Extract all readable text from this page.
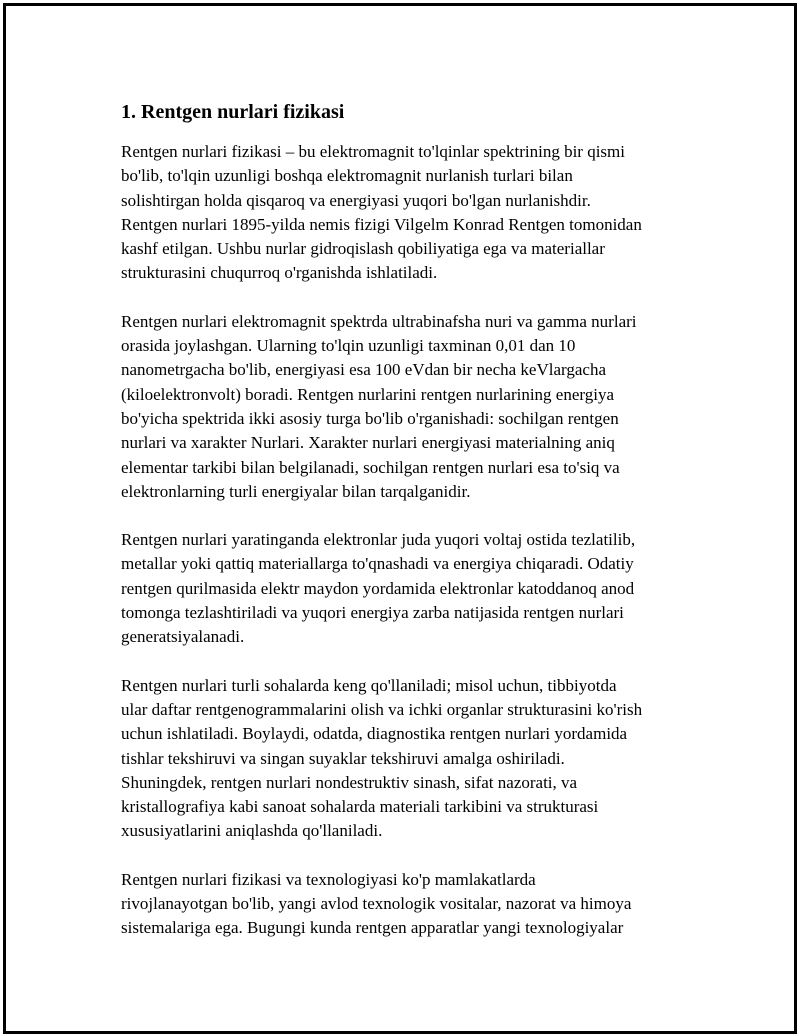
1. Rentgen nurlari fizikasi

Rentgen nurlari fizikasi – bu elektromagnit to'lqinlar spektrining bir qismi
bo'lib, to'lqin uzunligi boshqa elektromagnit nurlanish turlari bilan
solishtirgan holda qisqaroq va energiyasi yuqori bo'lgan nurlanishdir.
Rentgen nurlari 1895-yilda nemis fizigi Vilgelm Konrad Rentgen tomonidan
kashf etilgan. Ushbu nurlar gidroqislash qobiliyatiga ega va materiallar
strukturasini chuqurroq o'rganishda ishlatiladi.

Rentgen nurlari elektromagnit spektrda ultrabinafsha nuri va gamma nurlari
orasida joylashgan. Ularning to'lqin uzunligi taxminan 0,01 dan 10
nanometrgacha bo'lib, energiyasi esa 100 eVdan bir necha keVlargacha
(kiloelektronvolt) boradi. Rentgen nurlarini rentgen nurlarining energiya
bo'yicha spektrida ikki asosiy turga bo'lib o'rganishadi: sochilgan rentgen
nurlari va xarakter Nurlari. Xarakter nurlari energiyasi materialning aniq
elementar tarkibi bilan belgilanadi, sochilgan rentgen nurlari esa to'siq va
elektronlarning turli energiyalar bilan tarqalganidir.

Rentgen nurlari yaratinganda elektronlar juda yuqori voltaj ostida tezlatilib,
metallar yoki qattiq materiallarga to'qnashadi va energiya chiqaradi. Odatiy
rentgen qurilmasida elektr maydon yordamida elektronlar katoddanoq anod
tomonga tezlashtiriladi va yuqori energiya zarba natijasida rentgen nurlari
generatsiyalanadi.

Rentgen nurlari turli sohalarda keng qo'llaniladi; misol uchun, tibbiyotda
ular daftar rentgenogrammalarini olish va ichki organlar strukturasini ko'rish
uchun ishlatiladi. Boylaydi, odatda, diagnostika rentgen nurlari yordamida
tishlar tekshiruvi va singan suyaklar tekshiruvi amalga oshiriladi.
Shuningdek, rentgen nurlari nondestruktiv sinash, sifat nazorati, va
kristallografiya kabi sanoat sohalarda materiali tarkibini va strukturasi
xususiyatlarini aniqlashda qo'llaniladi.

Rentgen nurlari fizikasi va texnologiyasi ko'p mamlakatlarda
rivojlanayotgan bo'lib, yangi avlod texnologik vositalar, nazorat va himoya
sistemalariga ega. Bugungi kunda rentgen apparatlar yangi texnologiyalar
